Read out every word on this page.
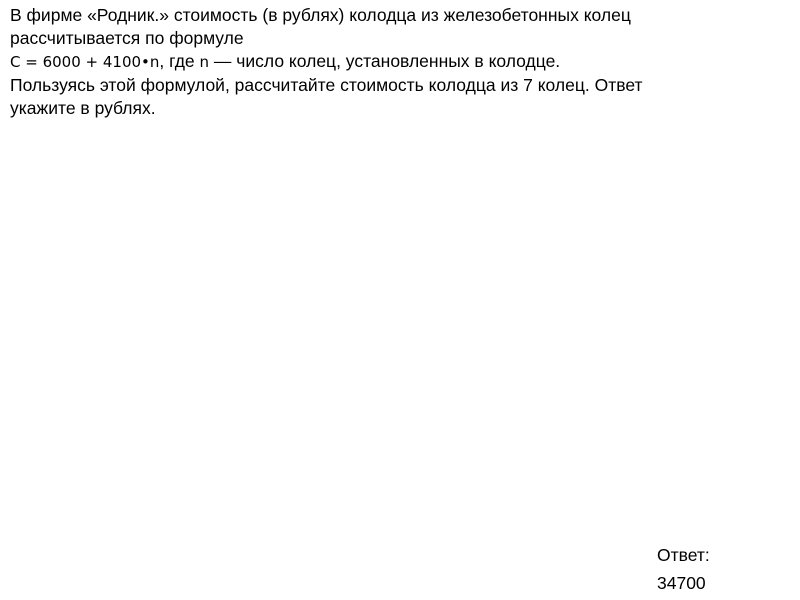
В фирме «Родник.» стоимость (в рублях) колодца из железобетонных колец
рассчитывается по формуле
C = 6000 + 4100•n, где n — число колец, установленных в колодце.
Пользуясь этой формулой, рассчитайте стоимость колодца из 7 колец. Ответ
укажите в рублях.
Ответ:
34700
